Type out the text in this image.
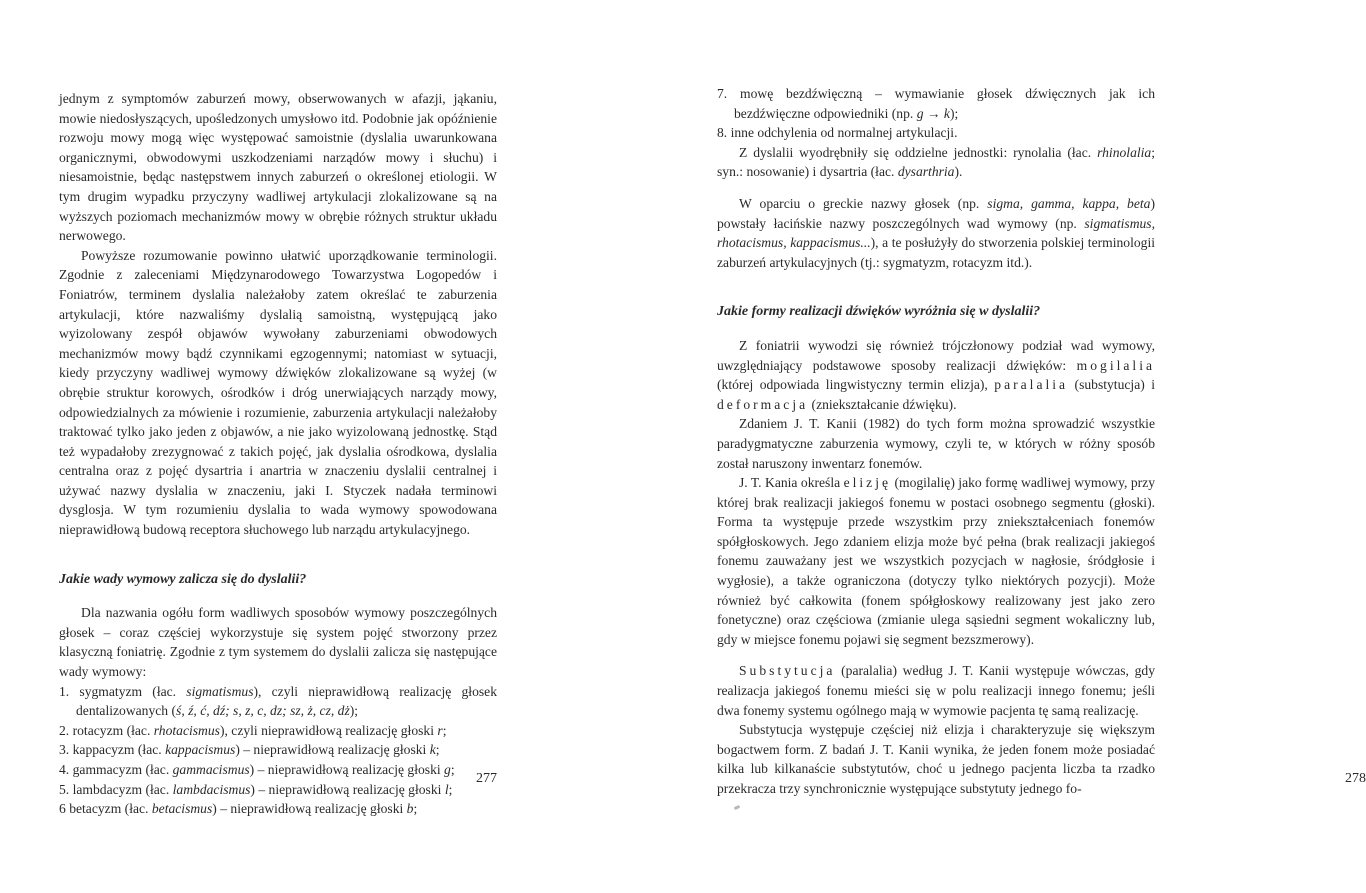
jednym z symptomów zaburzeń mowy, obserwowanych w afazji, jąkaniu, mowie niedosłyszących, upośledzonych umysłowo itd. Podobnie jak opóźnienie rozwoju mowy mogą więc występować samoistnie (dyslalia uwarunkowana organicznymi, obwodowymi uszkodzeniami narządów mowy i słuchu) i niesamoistnie, będąc następstwem innych zaburzeń o określonej etiologii. W tym drugim wypadku przyczyny wadliwej artykulacji zlokalizowane są na wyższych poziomach mechanizmów mowy w obrębie różnych struktur układu nerwowego.

Powyższe rozumowanie powinno ułatwić uporządkowanie terminologii. Zgodnie z zaleceniami Międzynarodowego Towarzystwa Logopedów i Foniatrów, terminem dyslalia należałoby zatem określać te zaburzenia artykulacji, które nazwaliśmy dyslalią samoistną, występującą jako wyizolowany zespół objawów wywołany zaburzeniami obwodowych mechanizmów mowy bądź czynnikami egzogennymi; natomiast w sytuacji, kiedy przyczyny wadliwej wymowy dźwięków zlokalizowane są wyżej (w obrębie struktur korowych, ośrodków i dróg unerwiających narządy mowy, odpowiedzialnych za mówienie i rozumienie, zaburzenia artykulacji należałoby traktować tylko jako jeden z objawów, a nie jako wyizolowaną jednostkę. Stąd też wypadałoby zrezygnować z takich pojęć, jak dyslalia ośrodkowa, dyslalia centralna oraz z pojęć dysartria i anartria w znaczeniu dyslalii centralnej i używać nazwy dyslalia w znaczeniu, jaki I. Styczek nadała terminowi dysglosja. W tym rozumieniu dyslalia to wada wymowy spowodowana nieprawidłową budową receptora słuchowego lub narządu artykulacyjnego.

Jakie wady wymowy zalicza się do dyslalii?

Dla nazwania ogółu form wadliwych sposobów wymowy poszczególnych głosek – coraz częściej wykorzystuje się system pojęć stworzony przez klasyczną foniatrię. Zgodnie z tym systemem do dyslalii zalicza się następujące wady wymowy:

1. sygmatyzm (łac. sigmatismus), czyli nieprawidłową realizację głosek dentalizowanych (ś, ź, ć, dź; s, z, c, dz; sz, ż, cz, dż);

2. rotacyzm (łac. rhotacismus), czyli nieprawidłową realizację głoski r;

3. kappacyzm (łac. kappacismus) – nieprawidłową realizację głoski k;

4. gammacyzm (łac. gammacismus) – nieprawidłową realizację głoski g;

5. lambdacyzm (łac. lambdacismus) – nieprawidłową realizację głoski l;

6 betacyzm (łac. betacismus) – nieprawidłową realizację głoski b;

277

7. mowę bezdźwięczną – wymawianie głosek dźwięcznych jak ich bezdźwięczne odpowiedniki (np. g → k);

8. inne odchylenia od normalnej artykulacji.

Z dyslalii wyodrębniły się oddzielne jednostki: rynolalia (łac. rhinolalia; syn.: nosowanie) i dysartria (łac. dysarthria).

W oparciu o greckie nazwy głosek (np. sigma, gamma, kappa, beta) powstały łacińskie nazwy poszczególnych wad wymowy (np. sigmatismus, rhotacismus, kappacismus...), a te posłużyły do stworzenia polskiej terminologii zaburzeń artykulacyjnych (tj.: sygmatyzm, rotacyzm itd.).

Jakie formy realizacji dźwięków wyróżnia się w dyslalii?

Z foniatrii wywodzi się również trójczłonowy podział wad wymowy, uwzględniający podstawowe sposoby realizacji dźwięków: mogilalia (której odpowiada lingwistyczny termin elizja), paralalia (substytucja) i deformacja (zniekształcanie dźwięku).

Zdaniem J. T. Kanii (1982) do tych form można sprowadzić wszystkie paradygmatyczne zaburzenia wymowy, czyli te, w których w różny sposób został naruszony inwentarz fonemów.

J. T. Kania określa elizję (mogilalię) jako formę wadliwej wymowy, przy której brak realizacji jakiegoś fonemu w postaci osobnego segmentu (głoski). Forma ta występuje przede wszystkim przy zniekształceniach fonemów spółgłoskowych. Jego zdaniem elizja może być pełna (brak realizacji jakiegoś fonemu zauważany jest we wszystkich pozycjach w nagłosie, śródgłosie i wygłosie), a także ograniczona (dotyczy tylko niektórych pozycji). Może również być całkowita (fonem spółgłoskowy realizowany jest jako zero fonetyczne) oraz częściowa (zmianie ulega sąsiedni segment wokaliczny lub, gdy w miejsce fonemu pojawi się segment bezszmerowy).

Substytucja (paralalia) według J. T. Kanii występuje wówczas, gdy realizacja jakiegoś fonemu mieści się w polu realizacji innego fonemu; jeśli dwa fonemy systemu ogólnego mają w wymowie pacjenta tę samą realizację.

Substytucja występuje częściej niż elizja i charakteryzuje się większym bogactwem form. Z badań J. T. Kanii wynika, że jeden fonem może posiadać kilka lub kilkanaście substytutów, choć u jednego pacjenta liczba ta rzadko przekracza trzy synchronicznie występujące substytuty jednego fo-

278
